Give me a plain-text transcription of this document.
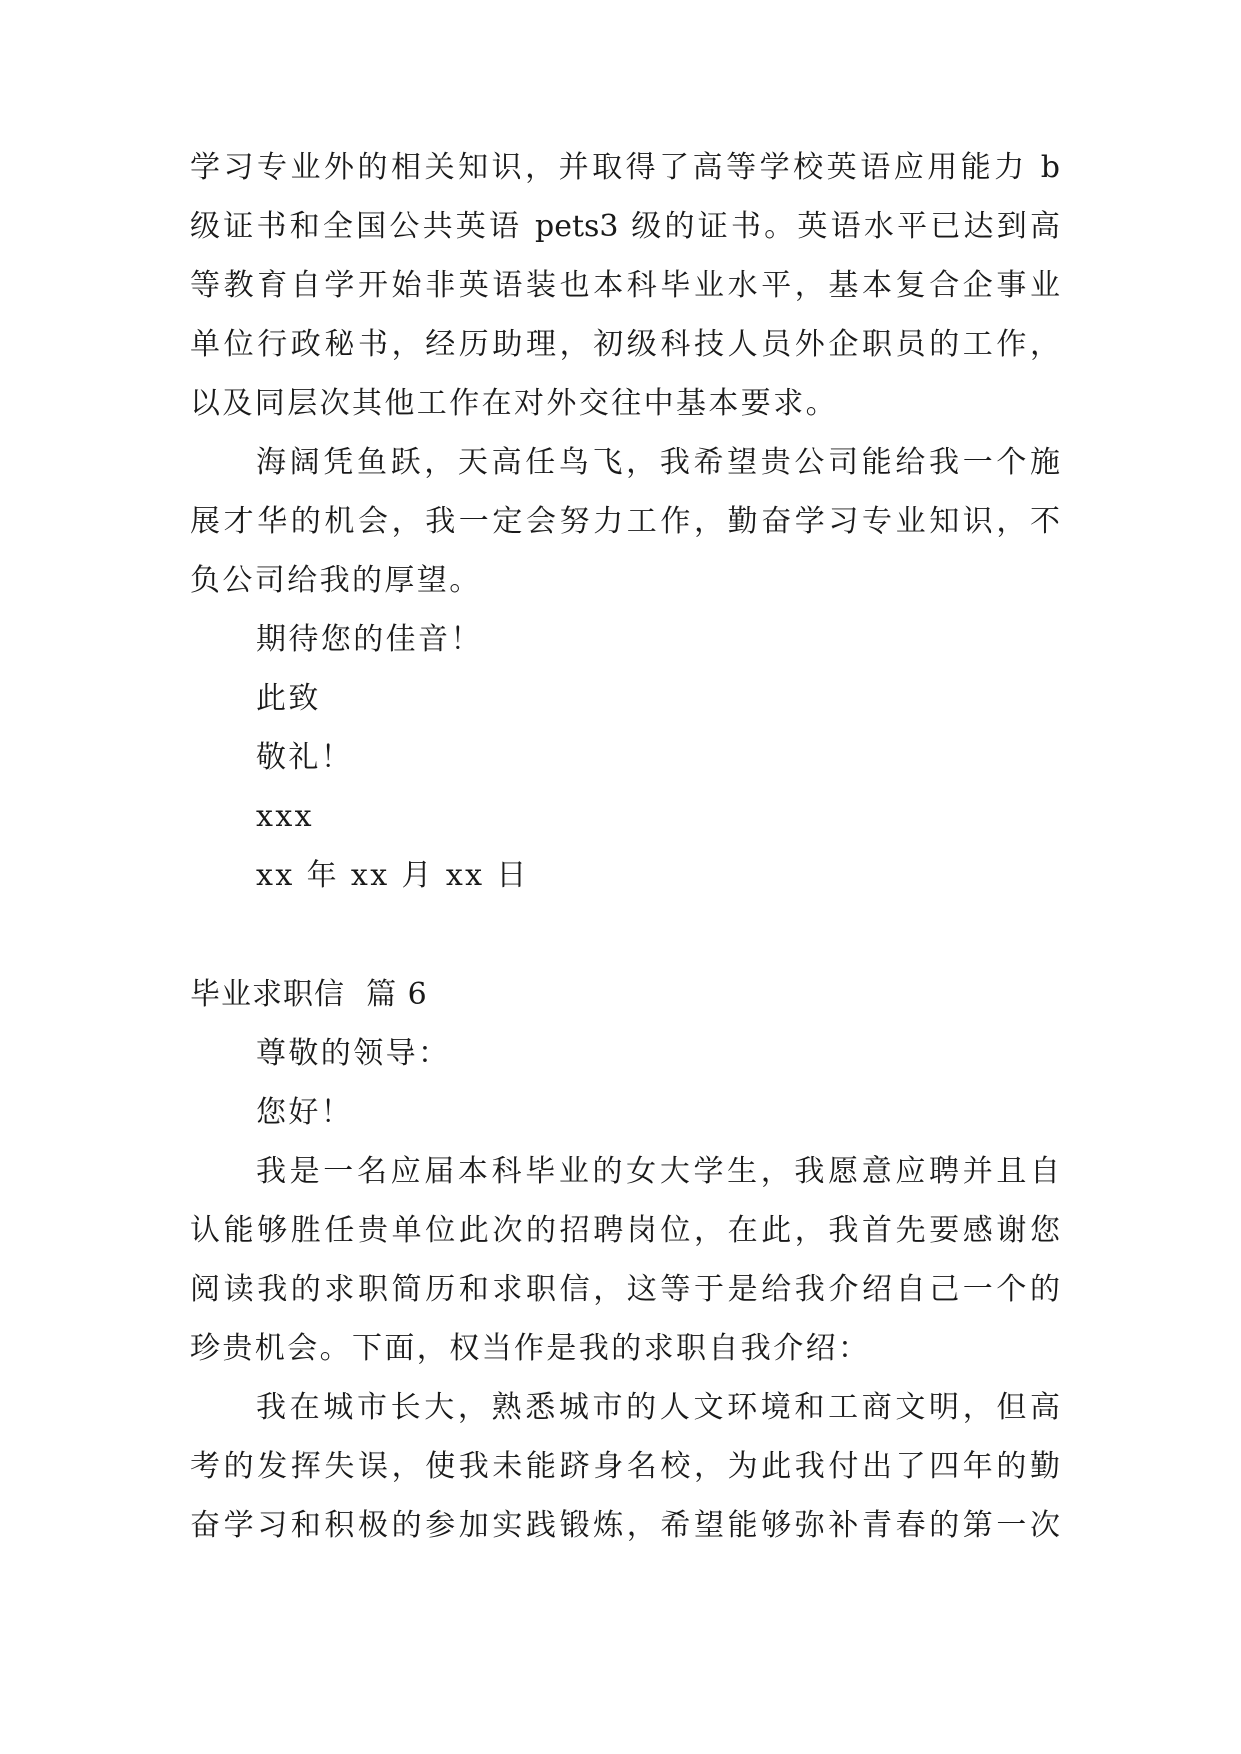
学习专业外的相关知识，并取得了高等学校英语应用能力 b
级证书和全国公共英语 pets3 级的证书。英语水平已达到高
等教育自学开始非英语装也本科毕业水平，基本复合企事业
单位行政秘书，经历助理，初级科技人员外企职员的工作，
以及同层次其他工作在对外交往中基本要求。
海阔凭鱼跃，天高任鸟飞，我希望贵公司能给我一个施
展才华的机会，我一定会努力工作，勤奋学习专业知识，不
负公司给我的厚望。
期待您的佳音！
此致
敬礼！
xxx
xx 年 xx 月 xx 日
毕业求职信  篇 6
尊敬的领导：
您好！
我是一名应届本科毕业的女大学生，我愿意应聘并且自
认能够胜任贵单位此次的招聘岗位，在此，我首先要感谢您
阅读我的求职简历和求职信，这等于是给我介绍自己一个的
珍贵机会。下面，权当作是我的求职自我介绍：
我在城市长大，熟悉城市的人文环境和工商文明，但高
考的发挥失误，使我未能跻身名校，为此我付出了四年的勤
奋学习和积极的参加实践锻炼，希望能够弥补青春的第一次
